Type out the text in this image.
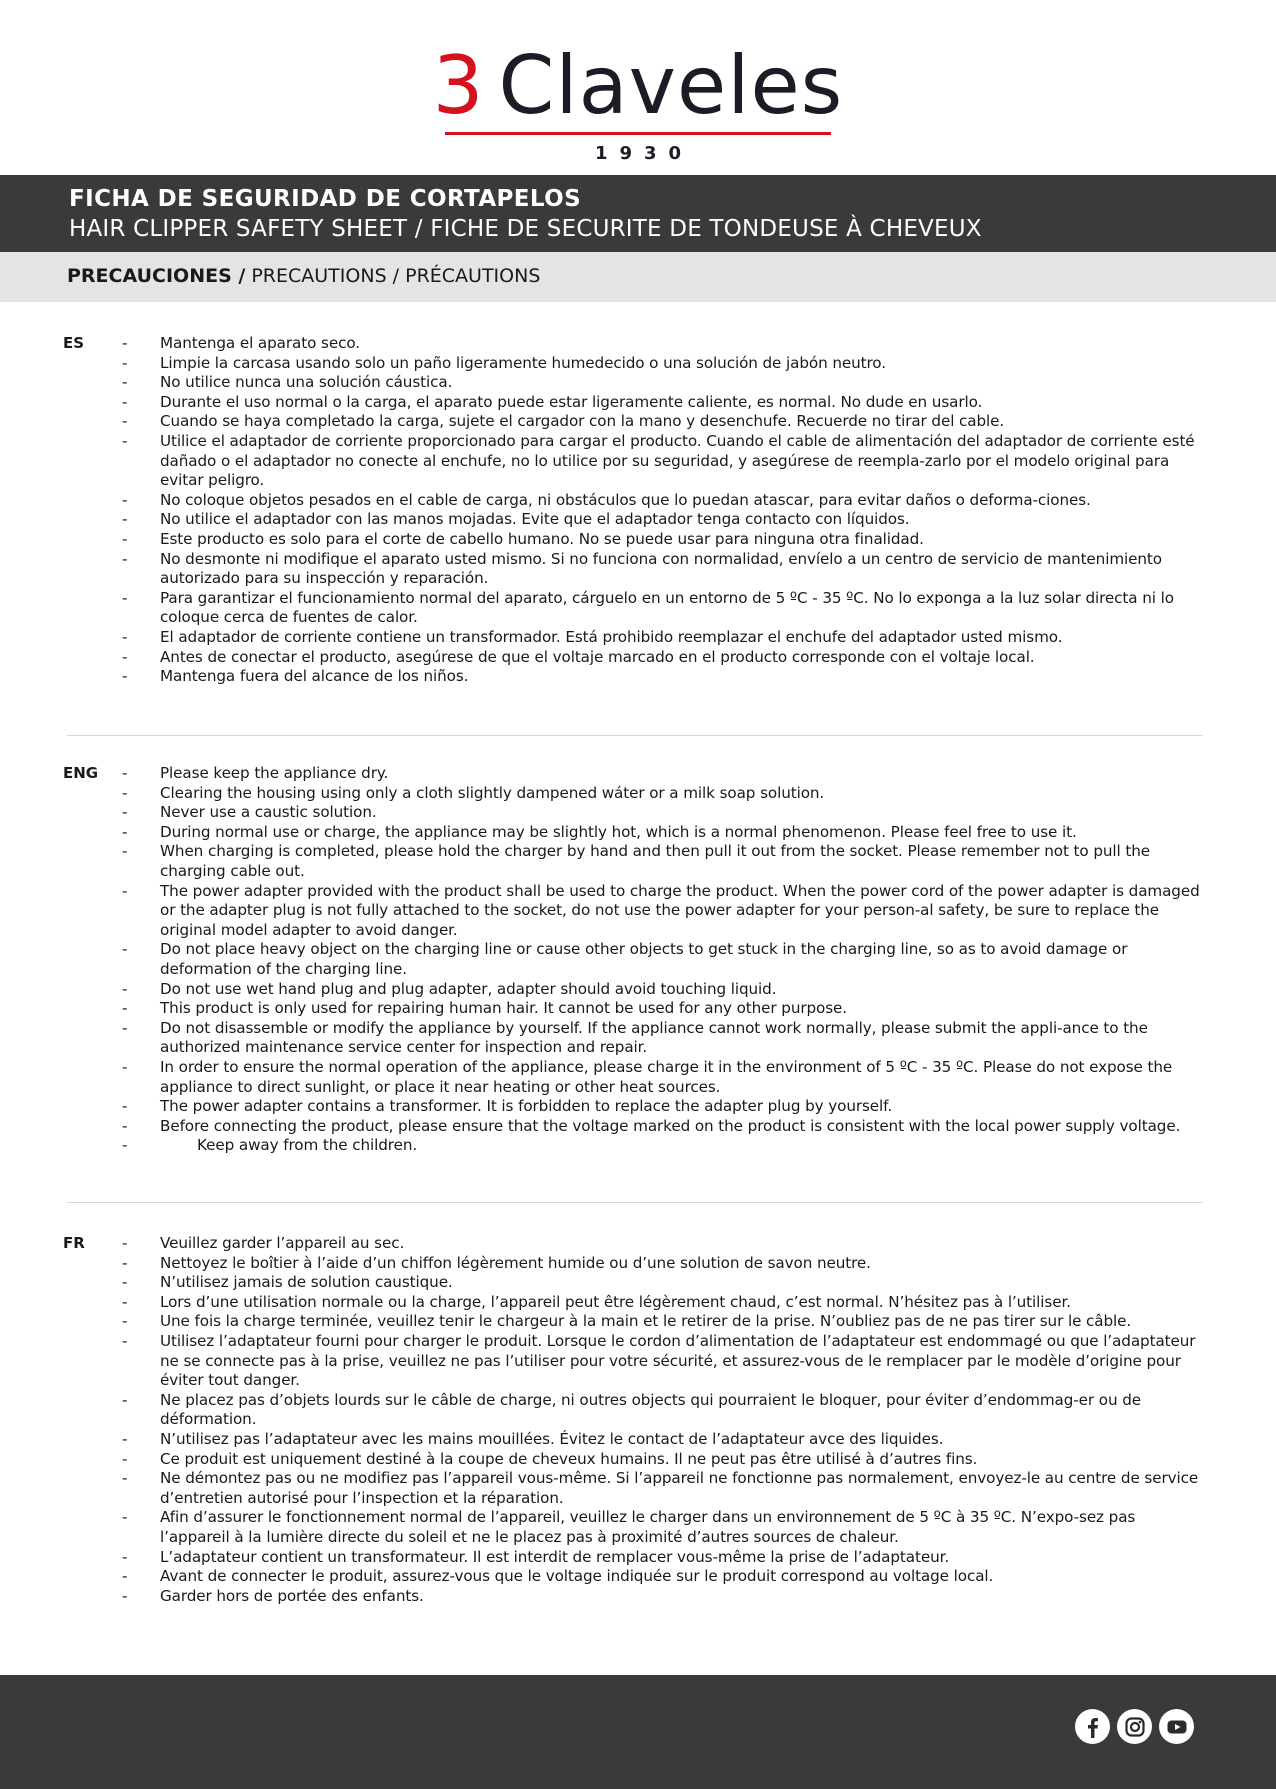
3 Claveles
1930
FICHA DE SEGURIDAD DE CORTAPELOS
HAIR CLIPPER SAFETY SHEET / FICHE DE SECURITE DE TONDEUSE À CHEVEUX
PRECAUCIONES / PRECAUTIONS / PRÉCAUTIONS
ES	- Mantenga el aparato seco.
- Limpie la carcasa usando solo un paño ligeramente humedecido o una solución de jabón neutro.
- No utilice nunca una solución cáustica.
- Durante el uso normal o la carga, el aparato puede estar ligeramente caliente, es normal. No dude en usarlo.
- Cuando se haya completado la carga, sujete el cargador con la mano y desenchufe. Recuerde no tirar del cable.
- Utilice el adaptador de corriente proporcionado para cargar el producto. Cuando el cable de alimentación del adaptador de corriente esté dañado o el adaptador no conecte al enchufe, no lo utilice por su seguridad, y asegúrese de reempla-zarlo por el modelo original para evitar peligro.
- No coloque objetos pesados en el cable de carga, ni obstáculos que lo puedan atascar, para evitar daños o deforma-ciones.
- No utilice el adaptador con las manos mojadas. Evite que el adaptador tenga contacto con líquidos.
- Este producto es solo para el corte de cabello humano. No se puede usar para ninguna otra finalidad.
- No desmonte ni modifique el aparato usted mismo. Si no funciona con normalidad, envíelo a un centro de servicio de mantenimiento autorizado para su inspección y reparación.
- Para garantizar el funcionamiento normal del aparato, cárguelo en un entorno de 5 ºC - 35 ºC. No lo exponga a la luz solar directa ni lo coloque cerca de fuentes de calor.
- El adaptador de corriente contiene un transformador. Está prohibido reemplazar el enchufe del adaptador usted mismo.
- Antes de conectar el producto, asegúrese de que el voltaje marcado en el producto corresponde con el voltaje local.
- Mantenga fuera del alcance de los niños.
ENG	- Please keep the appliance dry.
- Clearing the housing using only a cloth slightly dampened wáter or a milk soap solution.
- Never use a caustic solution.
- During normal use or charge, the appliance may be slightly hot, which is a normal phenomenon. Please feel free to use it.
- When charging is completed, please hold the charger by hand and then pull it out from the socket. Please remember not to pull the charging cable out.
- The power adapter provided with the product shall be used to charge the product. When the power cord of the power adapter is damaged or the adapter plug is not fully attached to the socket, do not use the power adapter for your person-al safety, be sure to replace the original model adapter to avoid danger.
- Do not place heavy object on the charging line or cause other objects to get stuck in the charging line, so as to avoid damage or deformation of the charging line.
- Do not use wet hand plug and plug adapter, adapter should avoid touching liquid.
- This product is only used for repairing human hair. It cannot be used for any other purpose.
- Do not disassemble or modify the appliance by yourself. If the appliance cannot work normally, please submit the appli-ance to the authorized maintenance service center for inspection and repair.
- In order to ensure the normal operation of the appliance, please charge it in the environment of 5 ºC - 35 ºC. Please do not expose the appliance to direct sunlight, or place it near heating or other heat sources.
- The power adapter contains a transformer. It is forbidden to replace the adapter plug by yourself.
- Before connecting the product, please ensure that the voltage marked on the product is consistent with the local power supply voltage.
- Keep away from the children.
FR	- Veuillez garder l’appareil au sec.
- Nettoyez le boîtier à l’aide d’un chiffon légèrement humide ou d’une solution de savon neutre.
- N’utilisez jamais de solution caustique.
- Lors d’une utilisation normale ou la charge, l’appareil peut être légèrement chaud, c’est normal. N’hésitez pas à l’utiliser.
- Une fois la charge terminée, veuillez tenir le chargeur à la main et le retirer de la prise. N’oubliez pas de ne pas tirer sur le câble.
- Utilisez l’adaptateur fourni pour charger le produit. Lorsque le cordon d’alimentation de l’adaptateur est endommagé ou que l’adaptateur ne se connecte pas à la prise, veuillez ne pas l’utiliser pour votre sécurité, et assurez-vous de le remplacer par le modèle d’origine pour éviter tout danger.
- Ne placez pas d’objets lourds sur le câble de charge, ni outres objects qui pourraient le bloquer, pour éviter d’endommag-er ou de déformation.
- N’utilisez pas l’adaptateur avec les mains mouillées. Évitez le contact de l’adaptateur avce des liquides.
- Ce produit est uniquement destiné à la coupe de cheveux humains. Il ne peut pas être utilisé à d’autres fins.
- Ne démontez pas ou ne modifiez pas l’appareil vous-même. Si l’appareil ne fonctionne pas normalement, envoyez-le au centre de service d’entretien autorisé pour l’inspection et la réparation.
- Afin d’assurer le fonctionnement normal de l’appareil, veuillez le charger dans un environnement de 5 ºC à 35 ºC. N’expo-sez pas l’appareil à la lumière directe du soleil et ne le placez pas à proximité d’autres sources de chaleur.
- L’adaptateur contient un transformateur. Il est interdit de remplacer vous-même la prise de l’adaptateur.
- Avant de connecter le produit, assurez-vous que le voltage indiquée sur le produit correspond au voltage local.
- Garder hors de portée des enfants.
